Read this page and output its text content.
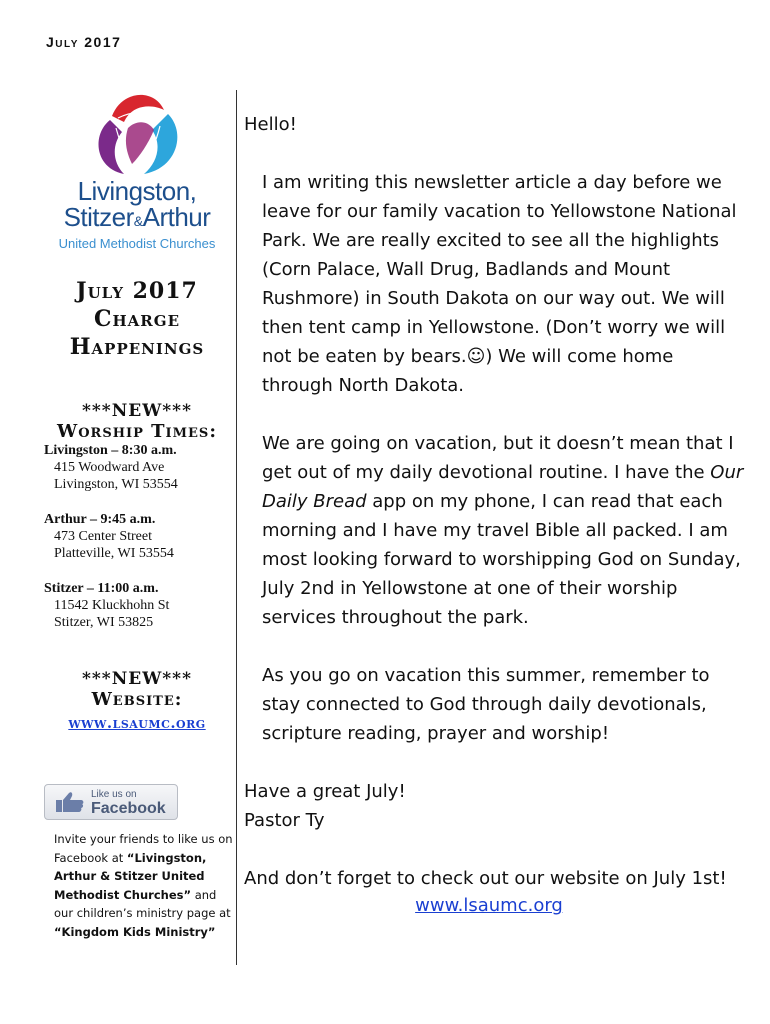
July 2017
Livingston,
Stitzer&Arthur
United Methodist Churches
July 2017
Charge
Happenings
***NEW***
Worship Times:
Livingston – 8:30 a.m.
415 Woodward Ave
Livingston, WI 53554
Arthur – 9:45 a.m.
473 Center Street
Platteville, WI 53554
Stitzer – 11:00 a.m.
11542 Kluckhohn St
Stitzer, WI 53825
***NEW***
Website:
www.lsaumc.org
Like us on
Facebook
Invite your friends to like us on Facebook at “Livingston, Arthur & Stitzer United Methodist Churches” and our children’s ministry page at “Kingdom Kids Ministry”

Hello!

I am writing this newsletter article a day before we leave for our family vacation to Yellowstone National Park. We are really excited to see all the highlights (Corn Palace, Wall Drug, Badlands and Mount Rushmore) in South Dakota on our way out. We will then tent camp in Yellowstone. (Don’t worry we will not be eaten by bears.☺) We will come home through North Dakota.

We are going on vacation, but it doesn’t mean that I get out of my daily devotional routine. I have the Our Daily Bread app on my phone, I can read that each morning and I have my travel Bible all packed. I am most looking forward to worshipping God on Sunday, July 2nd in Yellowstone at one of their worship services throughout the park.

As you go on vacation this summer, remember to stay connected to God through daily devotionals, scripture reading, prayer and worship!

Have a great July!

Pastor Ty

And don’t forget to check out our website on July 1st!

www.lsaumc.org
